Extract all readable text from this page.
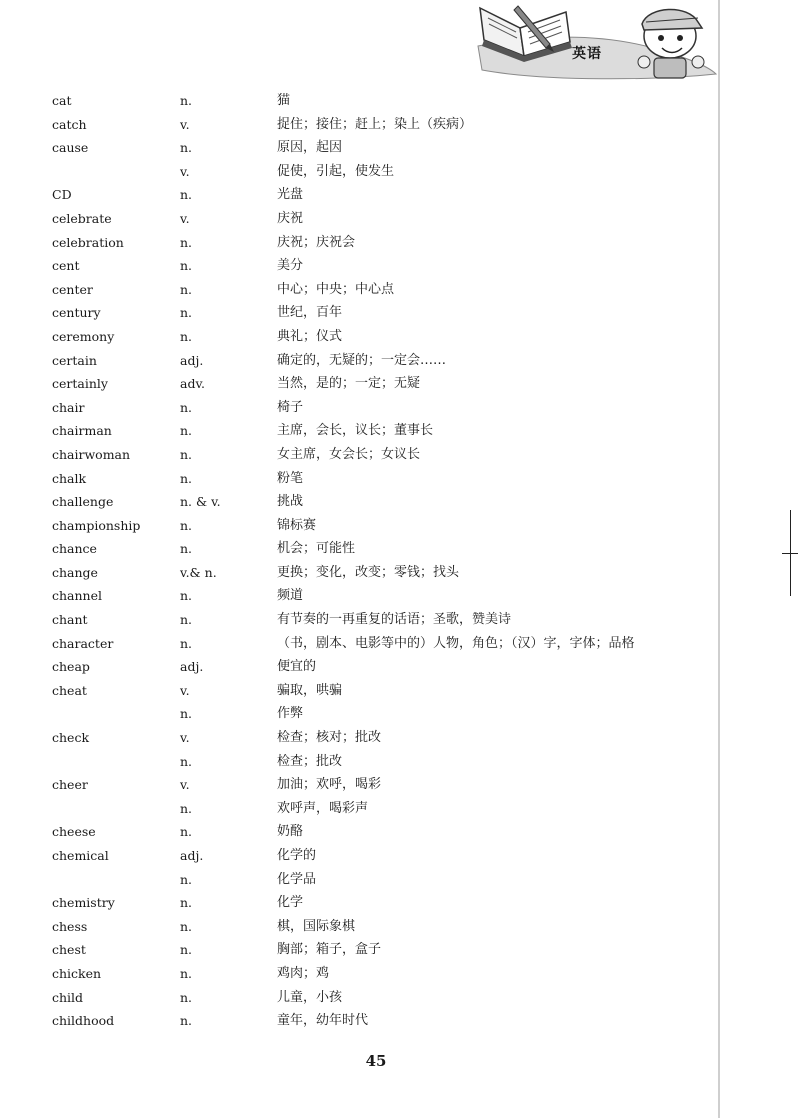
英语
cat	n.	猫
catch	v.	捉住；接住；赶上；染上（疾病）
cause	n.	原因，起因
v.	促使，引起，使发生
CD	n.	光盘
celebrate	v.	庆祝
celebration	n.	庆祝；庆祝会
cent	n.	美分
center	n.	中心；中央；中心点
century	n.	世纪，百年
ceremony	n.	典礼；仪式
certain	adj.	确定的，无疑的；一定会……
certainly	adv.	当然，是的；一定；无疑
chair	n.	椅子
chairman	n.	主席，会长，议长；董事长
chairwoman	n.	女主席，女会长；女议长
chalk	n.	粉笔
challenge	n. & v.	挑战
championship	n.	锦标赛
chance	n.	机会；可能性
change	v.& n.	更换；变化，改变；零钱；找头
channel	n.	频道
chant	n.	有节奏的一再重复的话语；圣歌，赞美诗
character	n.	（书，剧本、电影等中的）人物，角色；（汉）字，字体；品格
cheap	adj.	便宜的
cheat	v.	骗取，哄骗
n.	作弊
check	v.	检查；核对；批改
n.	检查；批改
cheer	v.	加油；欢呼，喝彩
n.	欢呼声，喝彩声
cheese	n.	奶酪
chemical	adj.	化学的
n.	化学品
chemistry	n.	化学
chess	n.	棋，国际象棋
chest	n.	胸部；箱子，盒子
chicken	n.	鸡肉；鸡
child	n.	儿童，小孩
childhood	n.	童年，幼年时代
45
